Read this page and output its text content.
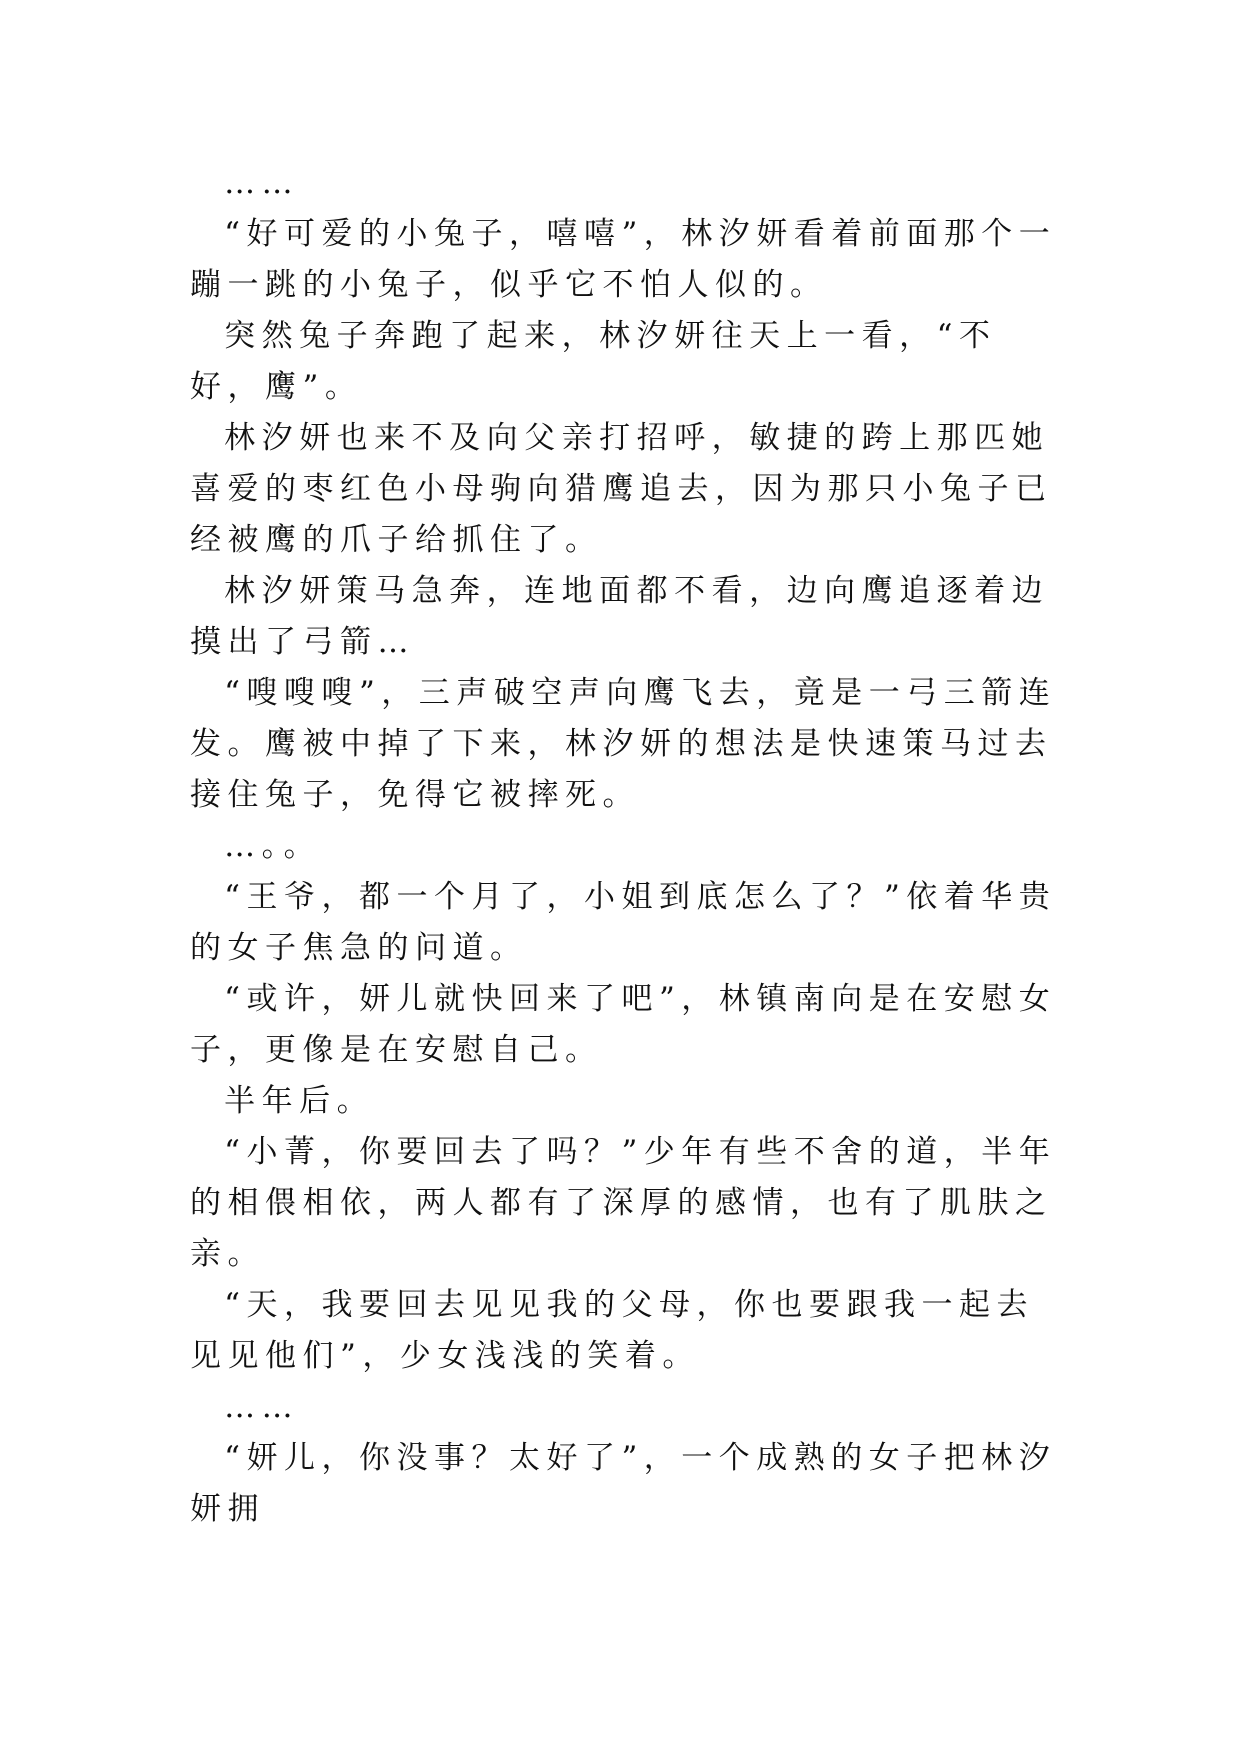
……

“好可爱的小兔子，嘻嘻”，林汐妍看着前面那个一蹦一跳的小兔子，似乎它不怕人似的。

突然兔子奔跑了起来，林汐妍往天上一看，“不好，鹰”。

林汐妍也来不及向父亲打招呼，敏捷的跨上那匹她喜爱的枣红色小母驹向猎鹰追去，因为那只小兔子已经被鹰的爪子给抓住了。

林汐妍策马急奔，连地面都不看，边向鹰追逐着边摸出了弓箭…

“嗖嗖嗖”，三声破空声向鹰飞去，竟是一弓三箭连发。鹰被中掉了下来，林汐妍的想法是快速策马过去接住兔子，免得它被摔死。

…。。

“王爷，都一个月了，小姐到底怎么了？”依着华贵的女子焦急的问道。

“或许，妍儿就快回来了吧”，林镇南向是在安慰女子，更像是在安慰自己。

半年后。

“小菁，你要回去了吗？”少年有些不舍的道，半年的相偎相依，两人都有了深厚的感情，也有了肌肤之亲。

“天，我要回去见见我的父母，你也要跟我一起去见见他们”，少女浅浅的笑着。

……

“妍儿，你没事？太好了”，一个成熟的女子把林汐妍拥
